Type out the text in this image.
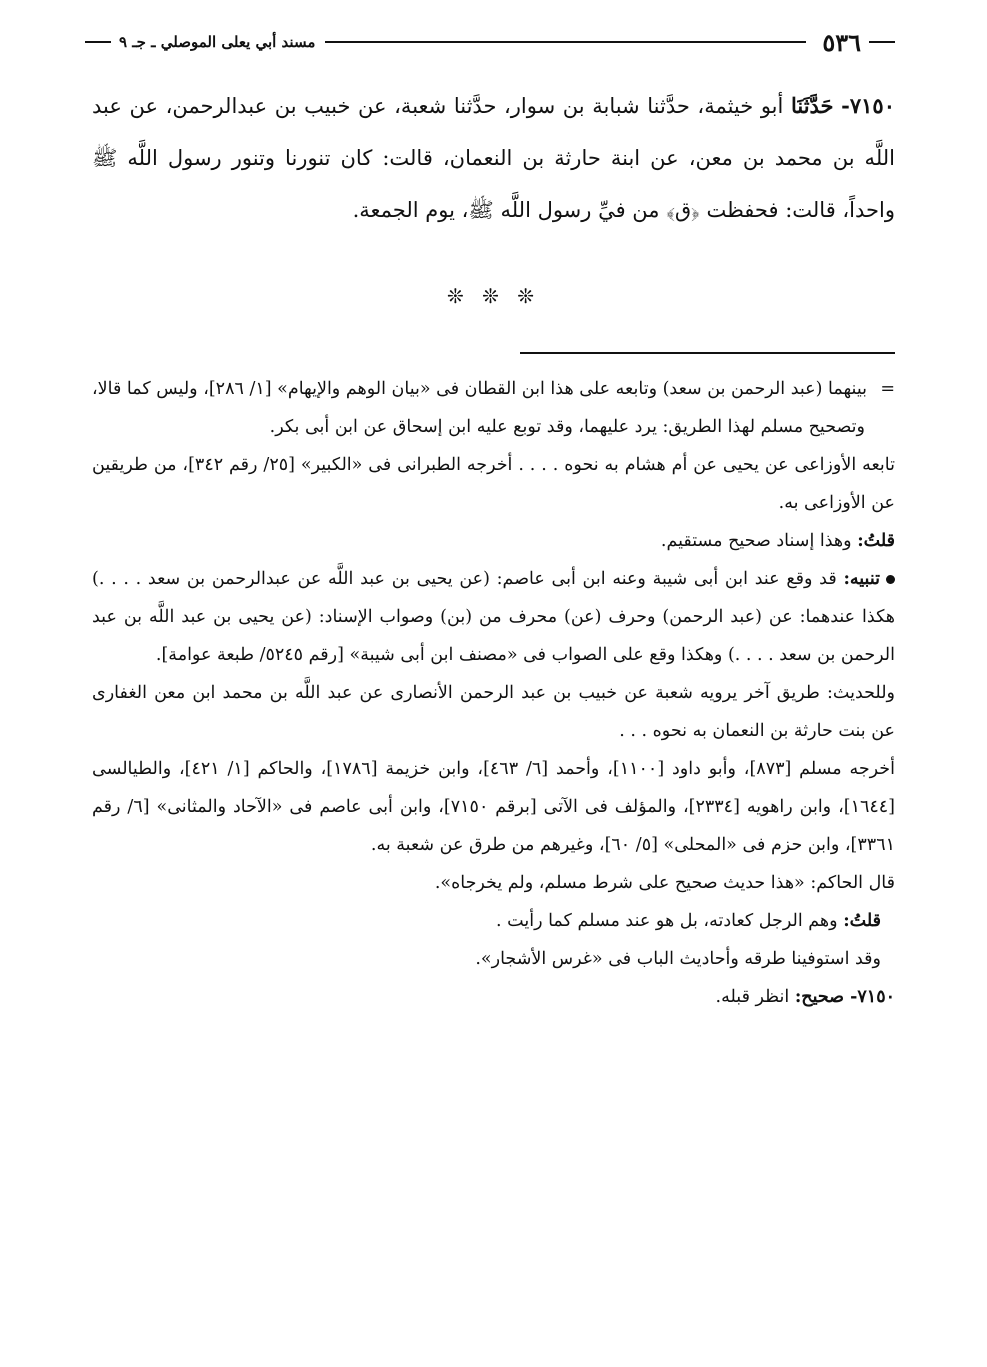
٥٣٦
مسند أبي يعلى الموصلي ـ جـ ٩
٧١٥٠- حَدَّثَنَا أبو خيثمة، حدَّثنا شبابة بن سوار، حدَّثنا شعبة، عن خبيب بن عبدالرحمن، عن عبد اللَّه بن محمد بن معن، عن ابنة حارثة بن النعمان، قالت: كان تنورنا وتنور رسول اللَّه ﷺ واحداً، قالت: فحفظت ﴿ق﴾ من فيِّ رسول اللَّه ﷺ، يوم الجمعة.
❊ ❊ ❊

=بينهما (عبد الرحمن بن سعد) وتابعه على هذا ابن القطان فى «بيان الوهم والإيهام» [١/ ٢٨٦]، وليس كما قالا، وتصحيح مسلم لهذا الطريق: يرد عليهما، وقد توبع عليه ابن إسحاق عن ابن أبى بكر.

تابعه الأوزاعى عن يحيى عن أم هشام به نحوه . . . . أخرجه الطبرانى فى «الكبير» [٢٥/ رقم ٣٤٢]، من طريقين عن الأوزاعى به.

قلتُ: وهذا إسناد صحيح مستقيم.

تنبيه: قد وقع عند ابن أبى شيبة وعنه ابن أبى عاصم: (عن يحيى بن عبد اللَّه عن عبدالرحمن بن سعد . . . .) هكذا عندهما: عن (عبد الرحمن) وحرف (عن) محرف من (بن) وصواب الإسناد: (عن يحيى بن عبد اللَّه بن عبد الرحمن بن سعد . . . .) وهكذا وقع على الصواب فى «مصنف ابن أبى شيبة» [رقم ٥٢٤٥/ طبعة عوامة].

وللحديث: طريق آخر يرويه شعبة عن خبيب بن عبد الرحمن الأنصارى عن عبد اللَّه بن محمد ابن معن الغفارى عن بنت حارثة بن النعمان به نحوه . . .

أخرجه مسلم [٨٧٣]، وأبو داود [١١٠٠]، وأحمد [٦/ ٤٦٣]، وابن خزيمة [١٧٨٦]، والحاكم [١/ ٤٢١]، والطيالسى [١٦٤٤]، وابن راهويه [٢٣٣٤]، والمؤلف فى الآتى [برقم ٧١٥٠]، وابن أبى عاصم فى «الآحاد والمثانى» [٦/ رقم ٣٣٦١]، وابن حزم فى «المحلى» [٥/ ٦٠]، وغيرهم من طرق عن شعبة به.

قال الحاكم: «هذا حديث صحيح على شرط مسلم، ولم يخرجاه».

قلتُ: وهم الرجل كعادته، بل هو عند مسلم كما رأيت .

وقد استوفينا طرقه وأحاديث الباب فى «غرس الأشجار».

٧١٥٠- صحيح: انظر قبله.
